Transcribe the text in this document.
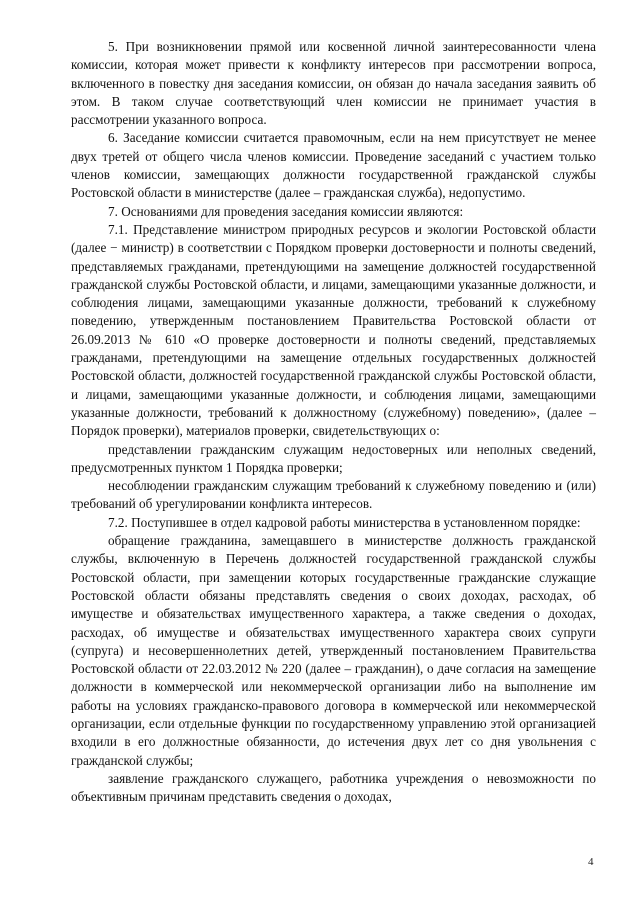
5. При возникновении прямой или косвенной личной заинтересованности члена комиссии, которая может привести к конфликту интересов при рассмотрении вопроса, включенного в повестку дня заседания комиссии, он обязан до начала заседания заявить об этом. В таком случае соответствующий член комиссии не принимает участия в рассмотрении указанного вопроса.

6. Заседание комиссии считается правомочным, если на нем присутствует не менее двух третей от общего числа членов комиссии. Проведение заседаний с участием только членов комиссии, замещающих должности государственной гражданской службы Ростовской области в министерстве (далее – гражданская служба), недопустимо.

7. Основаниями для проведения заседания комиссии являются:

7.1. Представление министром природных ресурсов и экологии Ростовской области (далее − министр) в соответствии с Порядком проверки достоверности и полноты сведений, представляемых гражданами, претендующими на замещение должностей государственной гражданской службы Ростовской области, и лицами, замещающими указанные должности, и соблюдения лицами, замещающими указанные должности, требований к служебному поведению, утвержденным постановлением Правительства Ростовской области от 26.09.2013 № 610 «О проверке достоверности и полноты сведений, представляемых гражданами, претендующими на замещение отдельных государственных должностей Ростовской области, должностей государственной гражданской службы Ростовской области, и лицами, замещающими указанные должности, и соблюдения лицами, замещающими указанные должности, требований к должностному (служебному) поведению», (далее – Порядок проверки), материалов проверки, свидетельствующих о:

представлении гражданским служащим недостоверных или неполных сведений, предусмотренных пунктом 1 Порядка проверки;

несоблюдении гражданским служащим требований к служебному поведению и (или) требований об урегулировании конфликта интересов.

7.2. Поступившее в отдел кадровой работы министерства в установленном порядке:

обращение гражданина, замещавшего в министерстве должность гражданской службы, включенную в Перечень должностей государственной гражданской службы Ростовской области, при замещении которых государственные гражданские служащие Ростовской области обязаны представлять сведения о своих доходах, расходах, об имуществе и обязательствах имущественного характера, а также сведения о доходах, расходах, об имуществе и обязательствах имущественного характера своих супруги (супруга) и несовершеннолетних детей, утвержденный постановлением Правительства Ростовской области от 22.03.2012 № 220 (далее – гражданин), о даче согласия на замещение должности в коммерческой или некоммерческой организации либо на выполнение им работы на условиях гражданско-правового договора в коммерческой или некоммерческой организации, если отдельные функции по государственному управлению этой организацией входили в его должностные обязанности, до истечения двух лет со дня увольнения с гражданской службы;

заявление гражданского служащего, работника учреждения о невозможности по объективным причинам представить сведения о доходах,

4
